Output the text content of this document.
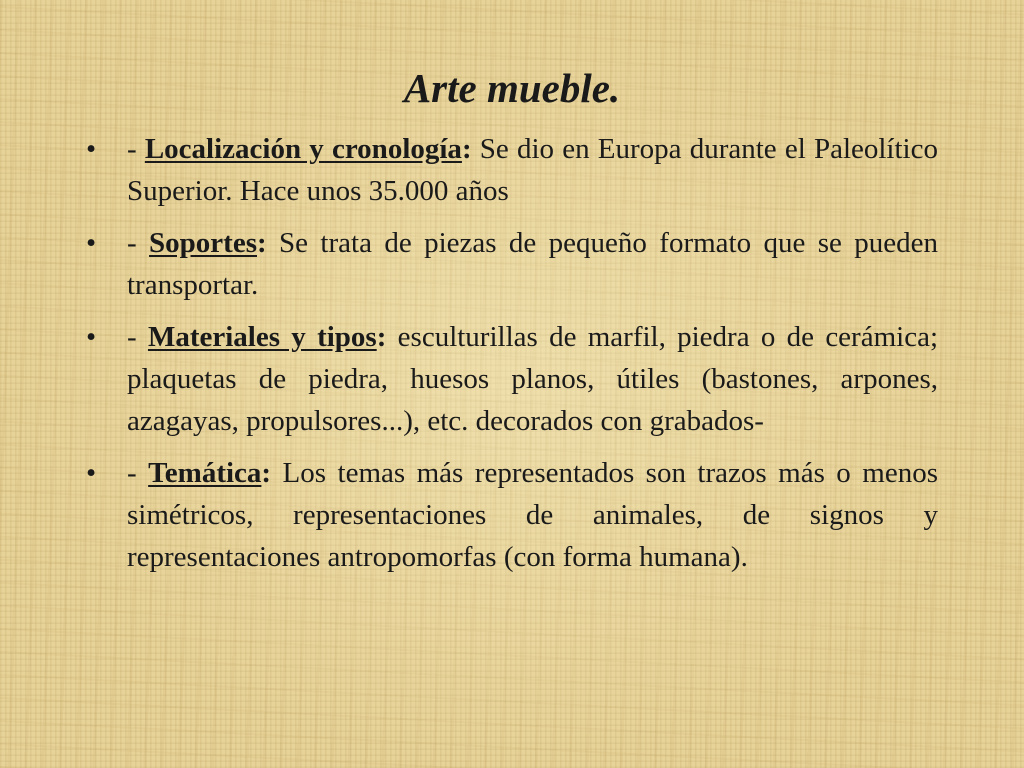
Arte mueble.
• - Localización y cronología: Se dio en Europa durante el Paleolítico Superior. Hace unos 35.000 años
• - Soportes: Se trata de piezas de pequeño formato que se pueden transportar.
• - Materiales y tipos: esculturillas de marfil, piedra o de cerámica; plaquetas de piedra, huesos planos, útiles (bastones, arpones, azagayas, propulsores...), etc. decorados con grabados-
• - Temática: Los temas más representados son trazos más o menos simétricos, representaciones de animales, de signos y representaciones antropomorfas (con forma humana).
